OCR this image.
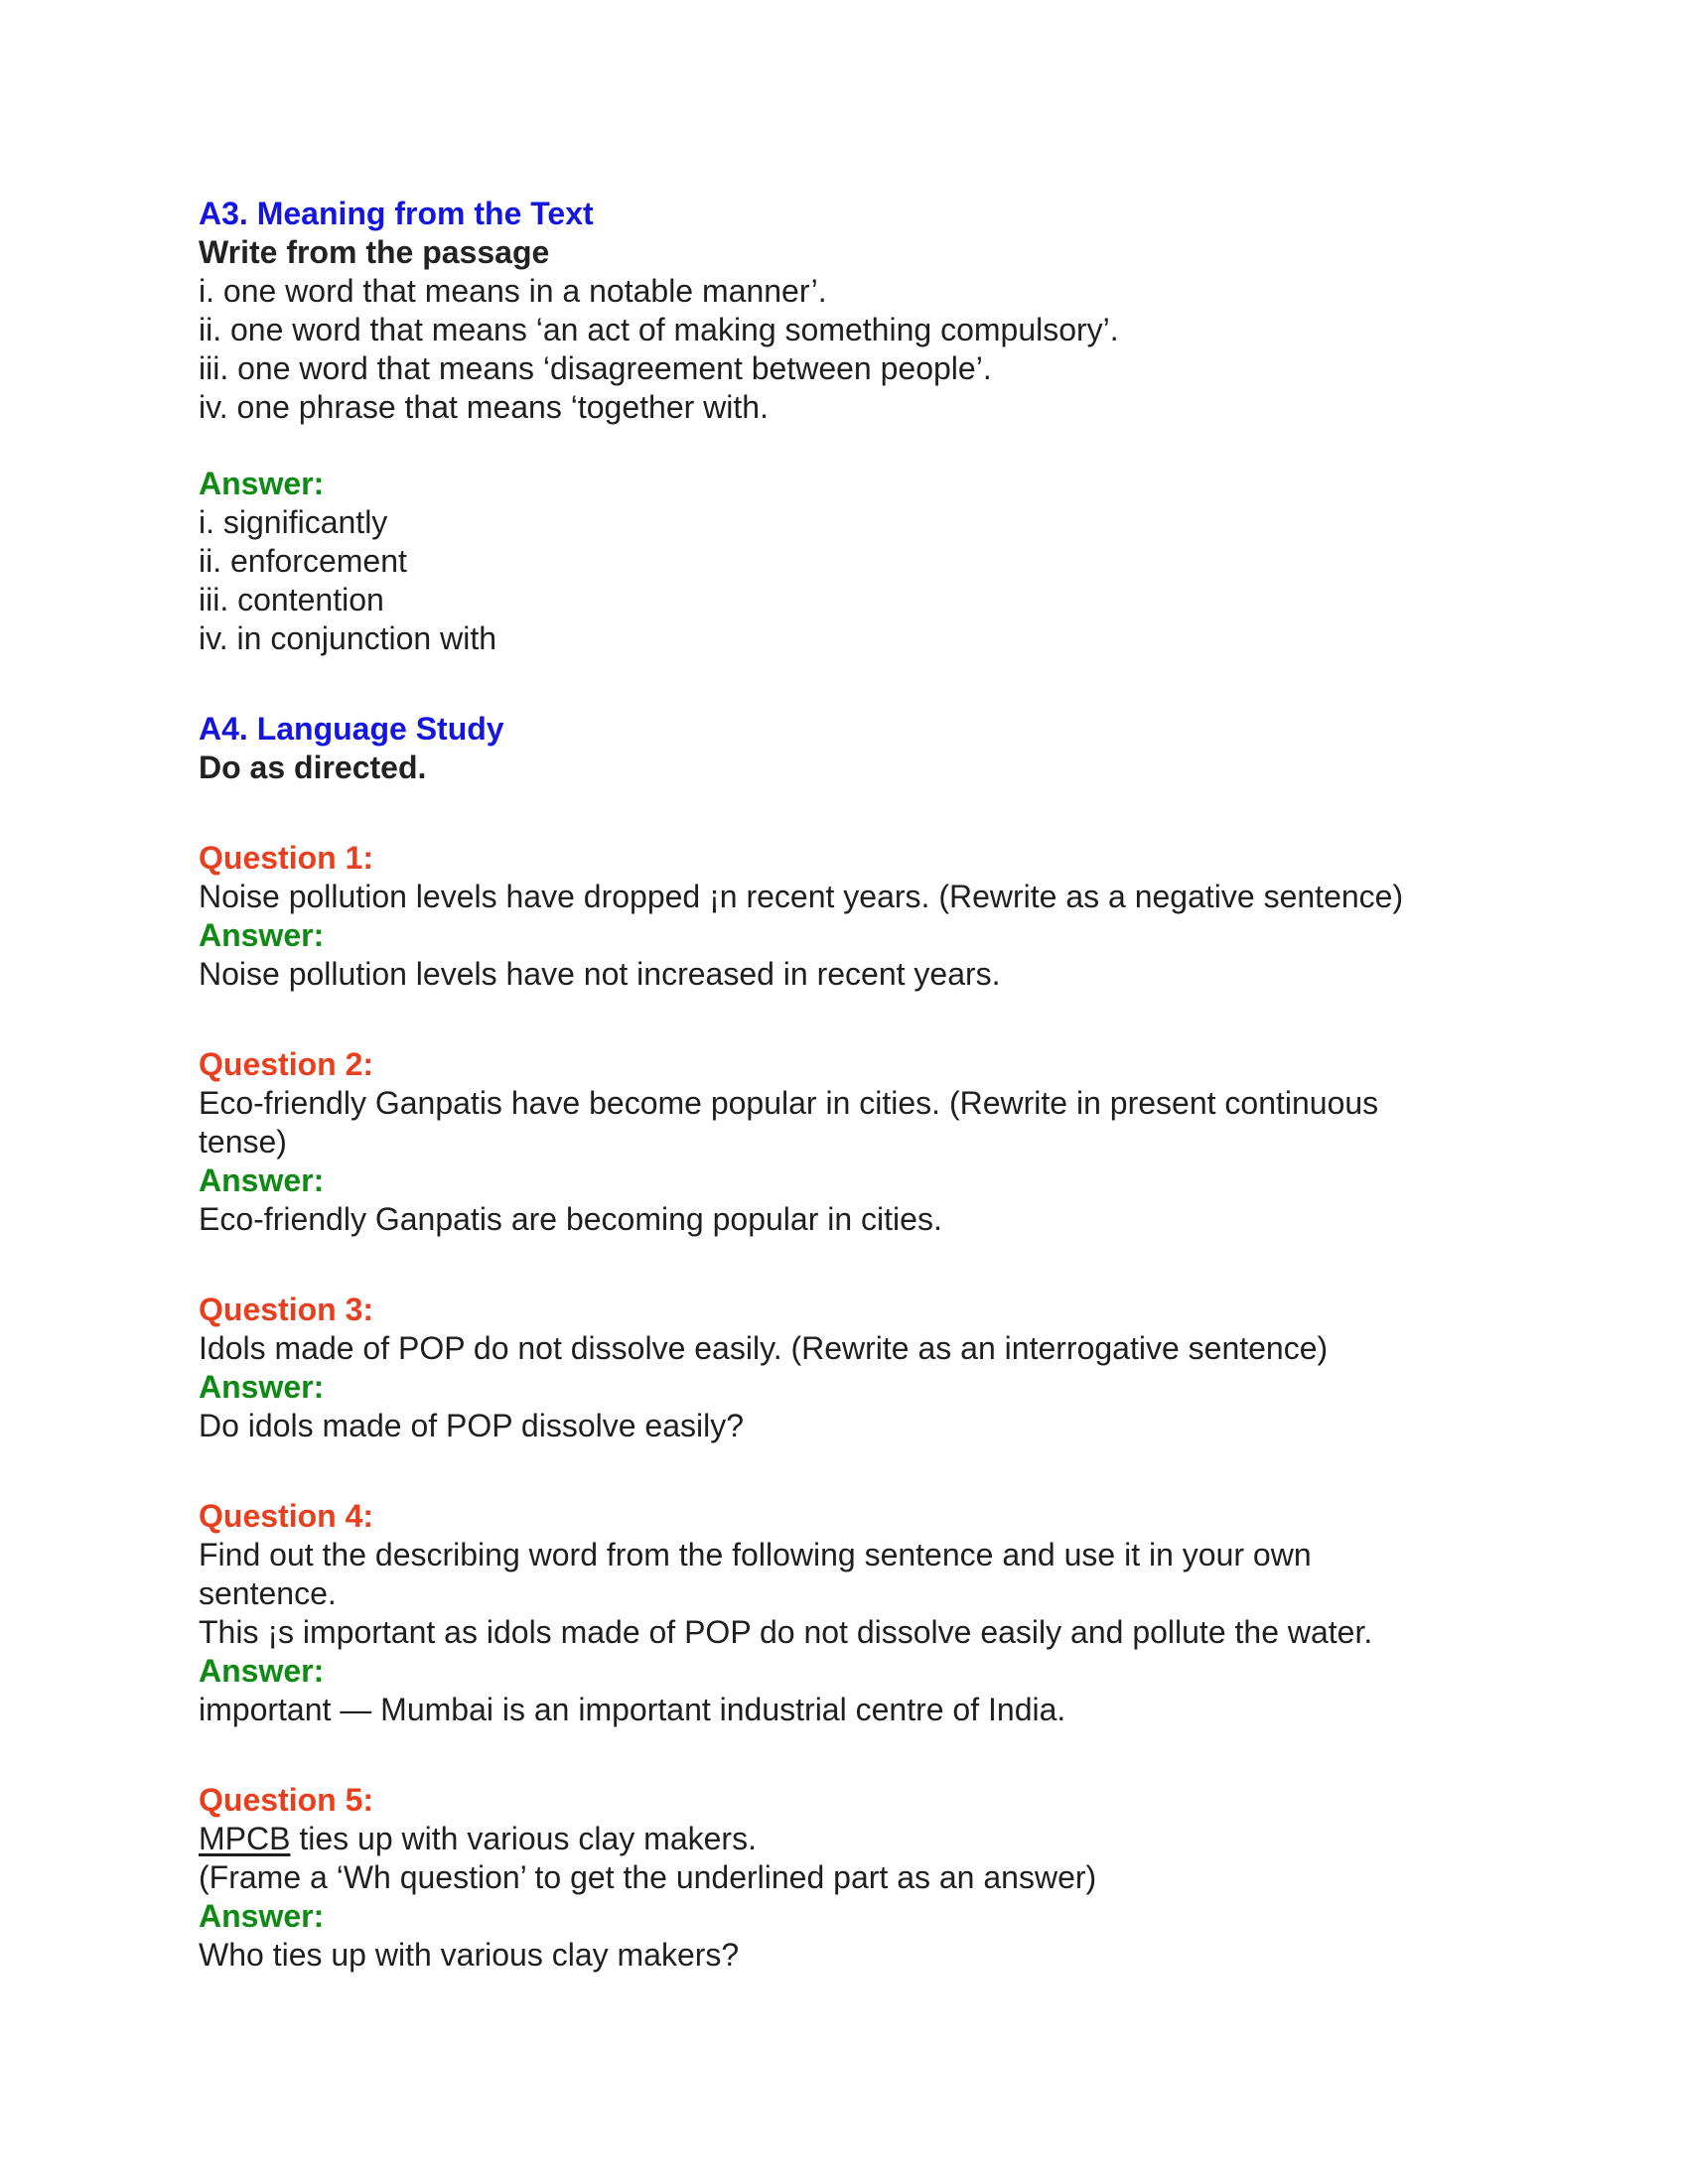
A3. Meaning from the Text
Write from the passage
i. one word that means in a notable manner’.
ii. one word that means ‘an act of making something compulsory’.
iii. one word that means ‘disagreement between people’.
iv. one phrase that means ‘together with.
Answer:
i. significantly
ii. enforcement
iii. contention
iv. in conjunction with
A4. Language Study
Do as directed.
Question 1:
Noise pollution levels have dropped ¡n recent years. (Rewrite as a negative sentence)
Answer:
Noise pollution levels have not increased in recent years.
Question 2:
Eco-friendly Ganpatis have become popular in cities. (Rewrite in present continuous
tense)
Answer:
Eco-friendly Ganpatis are becoming popular in cities.
Question 3:
Idols made of POP do not dissolve easily. (Rewrite as an interrogative sentence)
Answer:
Do idols made of POP dissolve easily?
Question 4:
Find out the describing word from the following sentence and use it in your own
sentence.
This ¡s important as idols made of POP do not dissolve easily and pollute the water.
Answer:
important — Mumbai is an important industrial centre of India.
Question 5:
MPCB ties up with various clay makers.
(Frame a ‘Wh question’ to get the underlined part as an answer)
Answer:
Who ties up with various clay makers?
